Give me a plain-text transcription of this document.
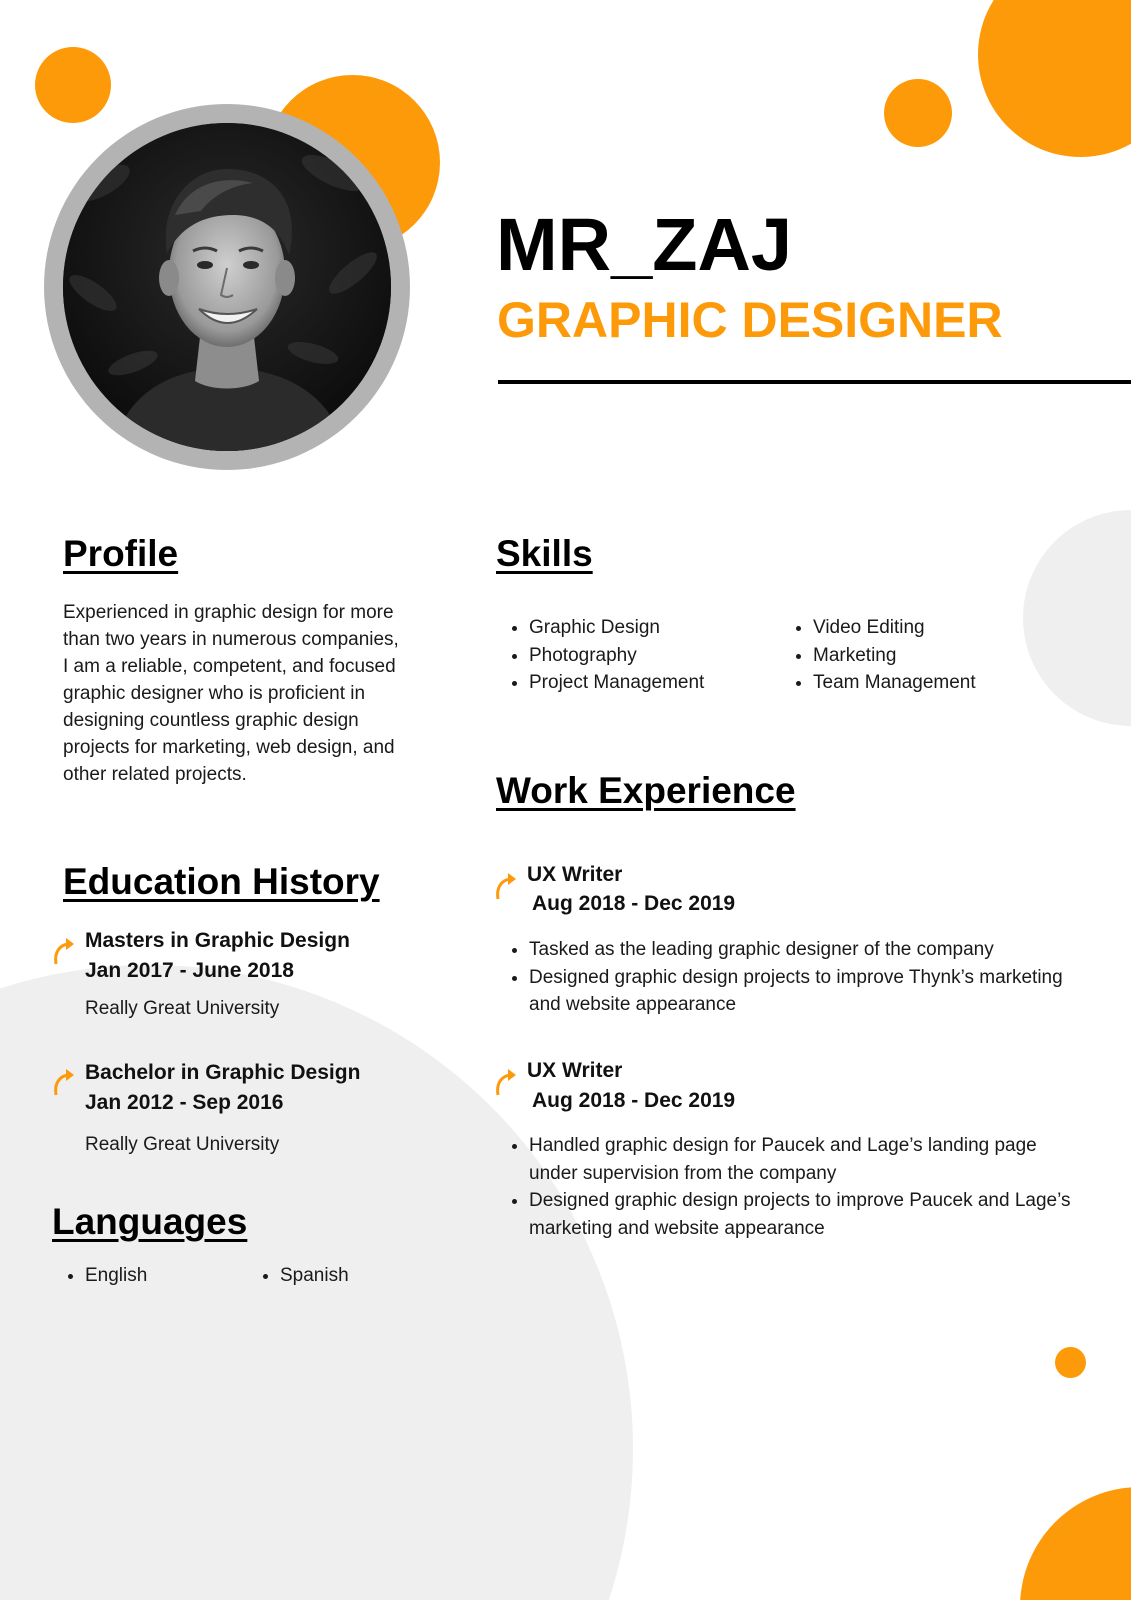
MR_ZAJ
GRAPHIC DESIGNER
Profile

Experienced in graphic design for more than two years in numerous companies, I am a reliable, competent, and focused graphic designer who is proficient in designing countless graphic design projects for marketing, web design, and other related projects.

Education History

Masters in Graphic Design

Jan 2017 - June 2018

Really Great University

Bachelor in Graphic Design

Jan 2012 - Sep 2016

Really Great University

Languages
• English
•	Spanish
Skills
• Graphic Design
• Photography
• Project Management
• Video Editing
• Marketing
• Team Management
Work Experience

UX Writer

Aug 2018 - Dec 2019

• Tasked as the leading graphic designer of the company
• Designed graphic design projects to improve Thynk’s marketing and website appearance

UX Writer

Aug 2018 - Dec 2019

• Handled graphic design for Paucek and Lage’s landing page under supervision from the company
• Designed graphic design projects to improve Paucek and Lage’s marketing and website appearance
